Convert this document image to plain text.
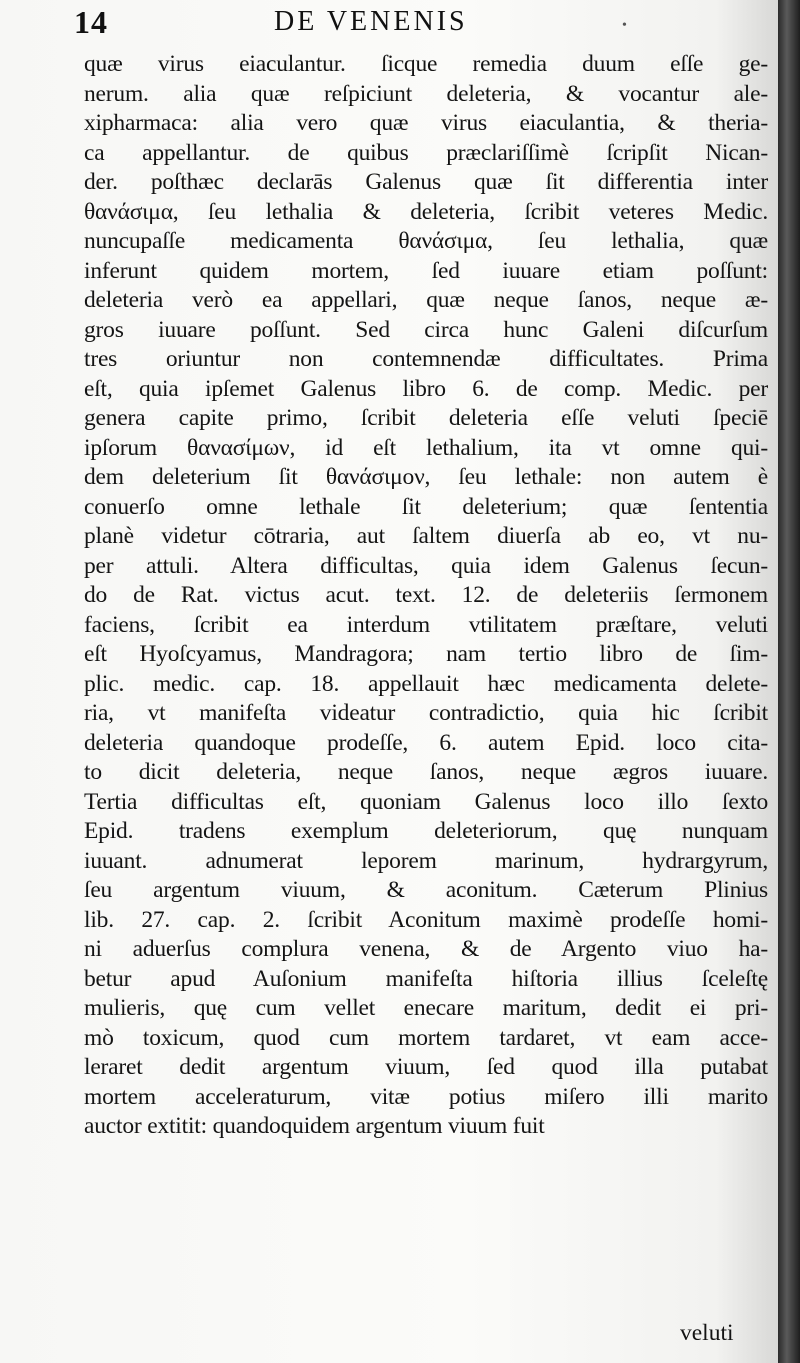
14	DE VENENIS	•
quæ virus eiaculantur. ſicque remedia duum eſſe ge-
nerum. alia quæ reſpiciunt deleteria, & vocantur ale-
xipharmaca: alia vero quæ virus eiaculantia, & theria-
ca appellantur. de quibus præclariſſimè ſcripſit Nican-
der. poſthæc declarās Galenus quæ ſit differentia inter
θανάσιμα, ſeu lethalia & deleteria, ſcribit veteres Medic.
nuncupaſſe medicamenta θανάσιμα, ſeu lethalia, quæ
inferunt quidem mortem, ſed iuuare etiam poſſunt:
deleteria verò ea appellari, quæ neque ſanos, neque æ-
gros iuuare poſſunt. Sed circa hunc Galeni diſcurſum
tres oriuntur non contemnendæ difficultates. Prima
eſt, quia ipſemet Galenus libro 6. de comp. Medic. per
genera capite primo, ſcribit deleteria eſſe veluti ſpeciē
ipſorum θανασίμων, id eſt lethalium, ita vt omne qui-
dem deleterium ſit θανάσιμον, ſeu lethale: non autem è
conuerſo omne lethale ſit deleterium; quæ ſententia
planè videtur cōtraria, aut ſaltem diuerſa ab eo, vt nu-
per attuli. Altera difficultas, quia idem Galenus ſecun-
do de Rat. victus acut. text. 12. de deleteriis ſermonem
faciens, ſcribit ea interdum vtilitatem præſtare, veluti
eſt Hyoſcyamus, Mandragora; nam tertio libro de ſim-
plic. medic. cap. 18. appellauit hæc medicamenta delete-
ria, vt manifeſta videatur contradictio, quia hic ſcribit
deleteria quandoque prodeſſe, 6. autem Epid. loco cita-
to dicit deleteria, neque ſanos, neque ægros iuuare.
Tertia difficultas eſt, quoniam Galenus loco illo ſexto
Epid. tradens exemplum deleteriorum, quę nunquam
iuuant. adnumerat leporem marinum, hydrargyrum,
ſeu argentum viuum, & aconitum. Cæterum Plinius
lib. 27. cap. 2. ſcribit Aconitum maximè prodeſſe homi-
ni aduerſus complura venena, & de Argento viuo ha-
betur apud Auſonium manifeſta hiſtoria illius ſceleſtę
mulieris, quę cum vellet enecare maritum, dedit ei pri-
mò toxicum, quod cum mortem tardaret, vt eam acce-
leraret dedit argentum viuum, ſed quod illa putabat
mortem acceleraturum, vitæ potius miſero illi marito
auctor extitit: quandoquidem argentum viuum fuit
veluti
